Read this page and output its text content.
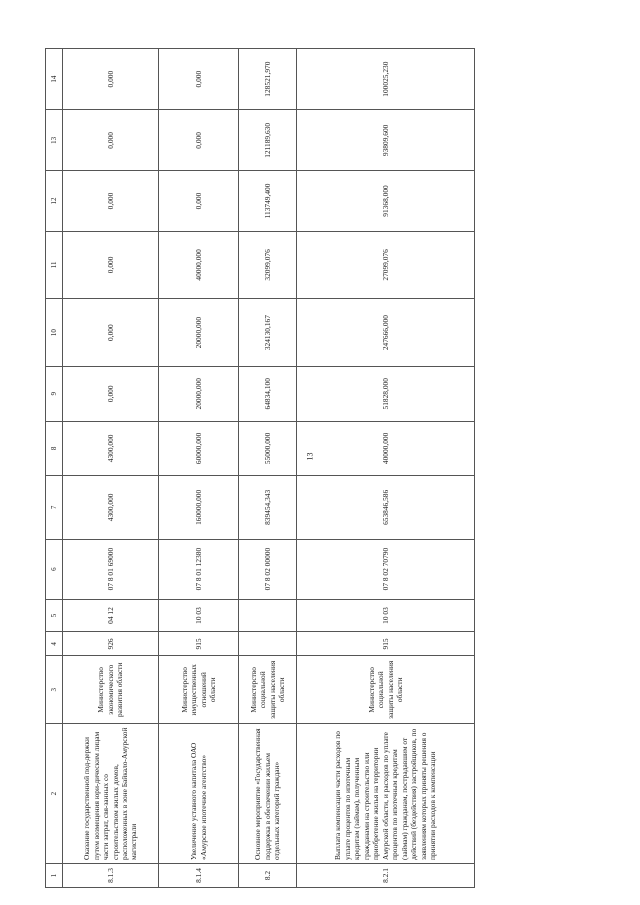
13
1	2	3	4	5	6	7	8	9	10	11	12	13	14
8.1.3	Оказание государственной под-держки путем возмещения юри-дическим лицам части затрат, свя-занных со строительством жилых домов, расположенных в зоне Байкало-Амурской магистрали	Министерство экономического развития области	926	04 12	07 8 01 69000	4300,000	4300,000	0,000	0,000	0,000	0,000	0,000	0,000
8.1.4	Увеличение уставного капитала ОАО «Амурское ипотечное агентство»	Министерство имущественных отношений области	915	10 03	07 8 01 12380	160000,000	60000,000	20000,000	20000,000	40000,000	0,000	0,000	0,000
8.2	Основное мероприятие «Государственная поддержка в обеспечении жильем отдельных категорий граждан»	Министерство социальной защиты населения области			07 8 02 00000	839454,343	55000,000	64834,100	324130,167	32099,076	113749,400	121189,630	128521,970
8.2.1	Выплата компенсации части расходов по уплате процентов по ипотечным кредитам (займам), полученным гражданами на строительство или приобретение жилья на территории Амурской области, и расходов по уплате процентов по ипотечным кредитам (займам) гражданам, пострадавшим от действий (бездействия) застройщиков, по заявлениям которых приняты решения о принятии расходов к компенсации	Министерство социальной защиты населения области	915	10 03	07 8 02 70790	653846,586	40000,000	51828,000	247666,000	27099,076	91368,000	93809,600	100025,230
